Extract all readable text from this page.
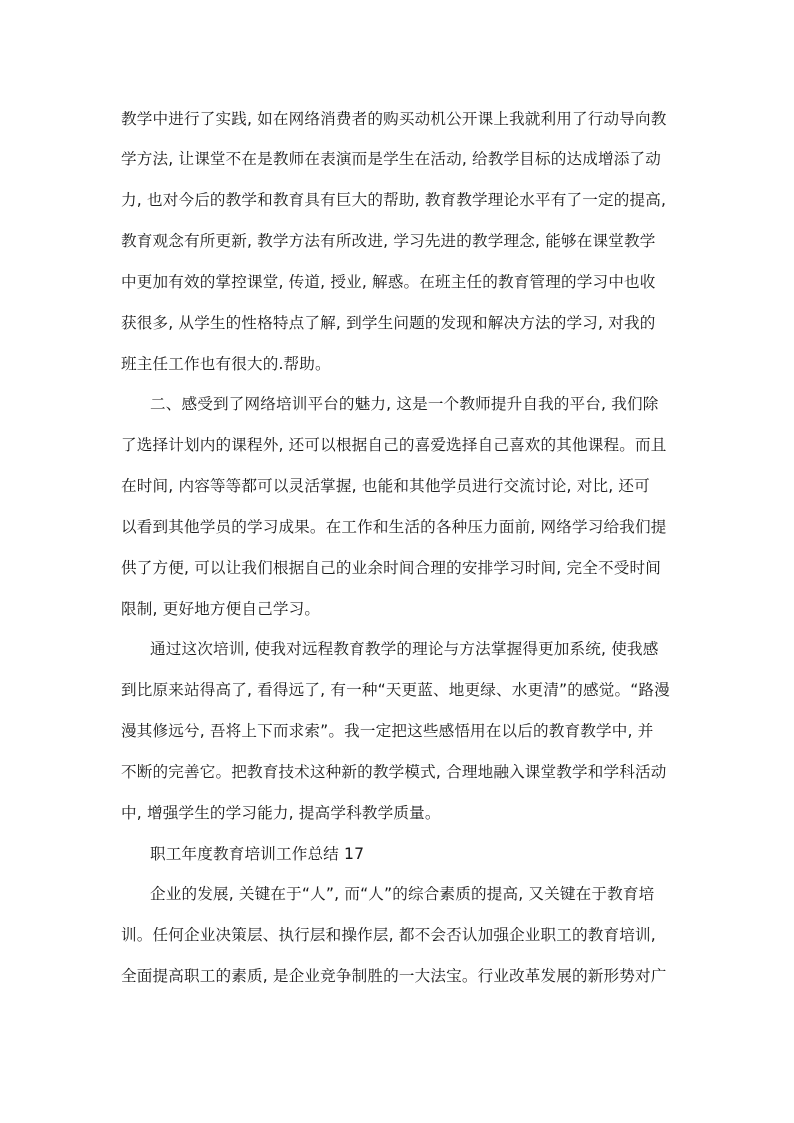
教学中进行了实践, 如在网络消费者的购买动机公开课上我就利用了行动导向教
学方法, 让课堂不在是教师在表演而是学生在活动, 给教学目标的达成增添了动
力, 也对今后的教学和教育具有巨大的帮助, 教育教学理论水平有了一定的提高,
教育观念有所更新, 教学方法有所改进, 学习先进的教学理念, 能够在课堂教学
中更加有效的掌控课堂, 传道, 授业, 解惑。在班主任的教育管理的学习中也收
获很多, 从学生的性格特点了解, 到学生问题的发现和解决方法的学习, 对我的
班主任工作也有很大的.帮助。
二、感受到了网络培训平台的魅力, 这是一个教师提升自我的平台, 我们除
了选择计划内的课程外, 还可以根据自己的喜爱选择自己喜欢的其他课程。而且
在时间, 内容等等都可以灵活掌握, 也能和其他学员进行交流讨论, 对比, 还可
以看到其他学员的学习成果。在工作和生活的各种压力面前, 网络学习给我们提
供了方便, 可以让我们根据自己的业余时间合理的安排学习时间, 完全不受时间
限制, 更好地方便自己学习。
通过这次培训, 使我对远程教育教学的理论与方法掌握得更加系统, 使我感
到比原来站得高了, 看得远了, 有一种“天更蓝、地更绿、水更清”的感觉。“路漫
漫其修远兮, 吾将上下而求索”。我一定把这些感悟用在以后的教育教学中, 并
不断的完善它。把教育技术这种新的教学模式, 合理地融入课堂教学和学科活动
中, 增强学生的学习能力, 提高学科教学质量。
职工年度教育培训工作总结 17
企业的发展, 关键在于“人”, 而“人”的综合素质的提高, 又关键在于教育培
训。任何企业决策层、执行层和操作层, 都不会否认加强企业职工的教育培训,
全面提高职工的素质, 是企业竞争制胜的一大法宝。行业改革发展的新形势对广
